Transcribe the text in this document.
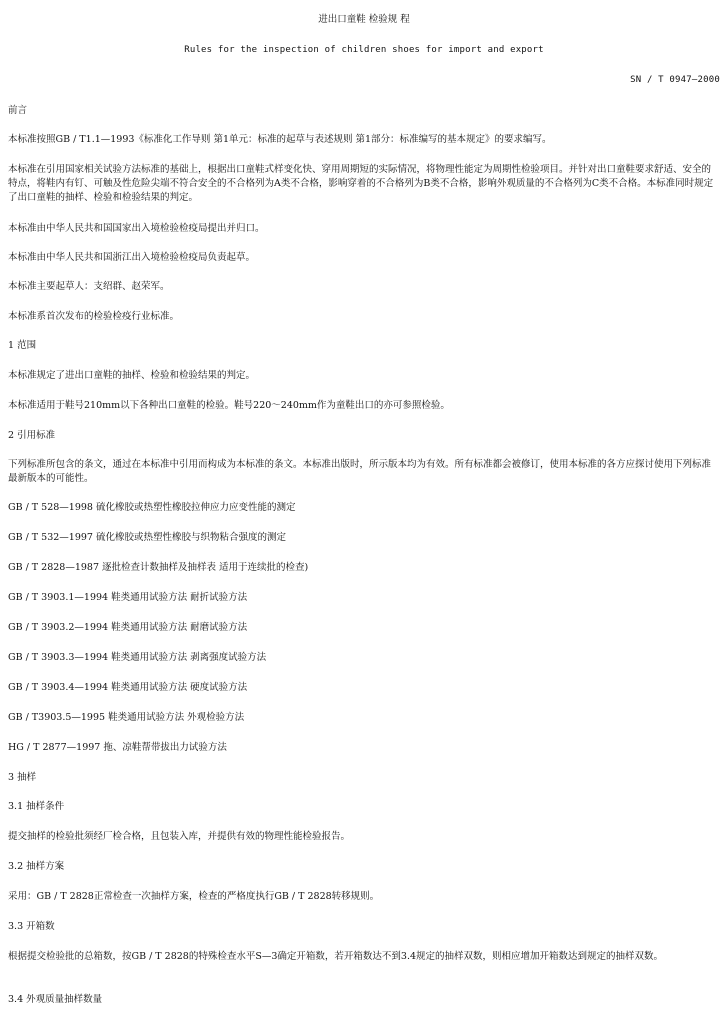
进出口童鞋 检验规 程
Rules for the inspection of children shoes for import and export
SN / T 0947—2000
前言
本标准按照GB / T1.1—1993《标准化工作导则 第1单元：标准的起草与表述规则 第1部分：标准编写的基本规定》的要求编写。
本标准在引用国家相关试验方法标准的基础上，根据出口童鞋式样变化快、穿用周期短的实际情况，将物理性能定为周期性检验项目。并针对出口童鞋要求舒适、安全的特点，将鞋内有钉、可触及性危险尖端不符合安全的不合格列为A类不合格，影响穿着的不合格列为B类不合格，影响外观质量的不合格列为C类不合格。本标准同时规定了出口童鞋的抽样、检验和检验结果的判定。
本标准由中华人民共和国国家出入境检验检疫局提出并归口。
本标准由中华人民共和国浙江出入境检验检疫局负责起草。
本标准主要起草人：支绍群、赵荣军。
本标准系首次发布的检验检疫行业标准。
1 范围
本标准规定了进出口童鞋的抽样、检验和检验结果的判定。
本标准适用于鞋号210mm以下各种出口童鞋的检验。鞋号220～240mm作为童鞋出口的亦可参照检验。
2 引用标准
下列标准所包含的条文，通过在本标准中引用而构成为本标准的条文。本标准出版时，所示版本均为有效。所有标准都会被修订，使用本标准的各方应探讨使用下列标准最新版本的可能性。
GB / T 528—1998 硫化橡胶或热塑性橡胶拉伸应力应变性能的测定
GB / T 532—1997 硫化橡胶或热塑性橡胶与织物粘合强度的测定
GB / T 2828—1987 逐批检查计数抽样及抽样表 适用于连续批的检查)
GB / T 3903.1—1994 鞋类通用试验方法 耐折试验方法
GB / T 3903.2—1994 鞋类通用试验方法 耐磨试验方法
GB / T 3903.3—1994 鞋类通用试验方法 剥离强度试验方法
GB / T 3903.4—1994 鞋类通用试验方法 硬度试验方法
GB / T3903.5—1995 鞋类通用试验方法 外观检验方法
HG / T 2877—1997 拖、凉鞋帮带拔出力试验方法
3 抽样
3.1 抽样条件
提交抽样的检验批须经厂检合格，且包装入库，并提供有效的物理性能检验报告。
3.2 抽样方案
采用：GB / T 2828正常检查一次抽样方案，检查的严格度执行GB / T 2828转移规则。
3.3 开箱数
根据提交检验批的总箱数，按GB / T 2828的特殊检查水平S—3确定开箱数，若开箱数达不到3.4规定的抽样双数，则相应增加开箱数达到规定的抽样双数。
3.4 外观质量抽样数量
